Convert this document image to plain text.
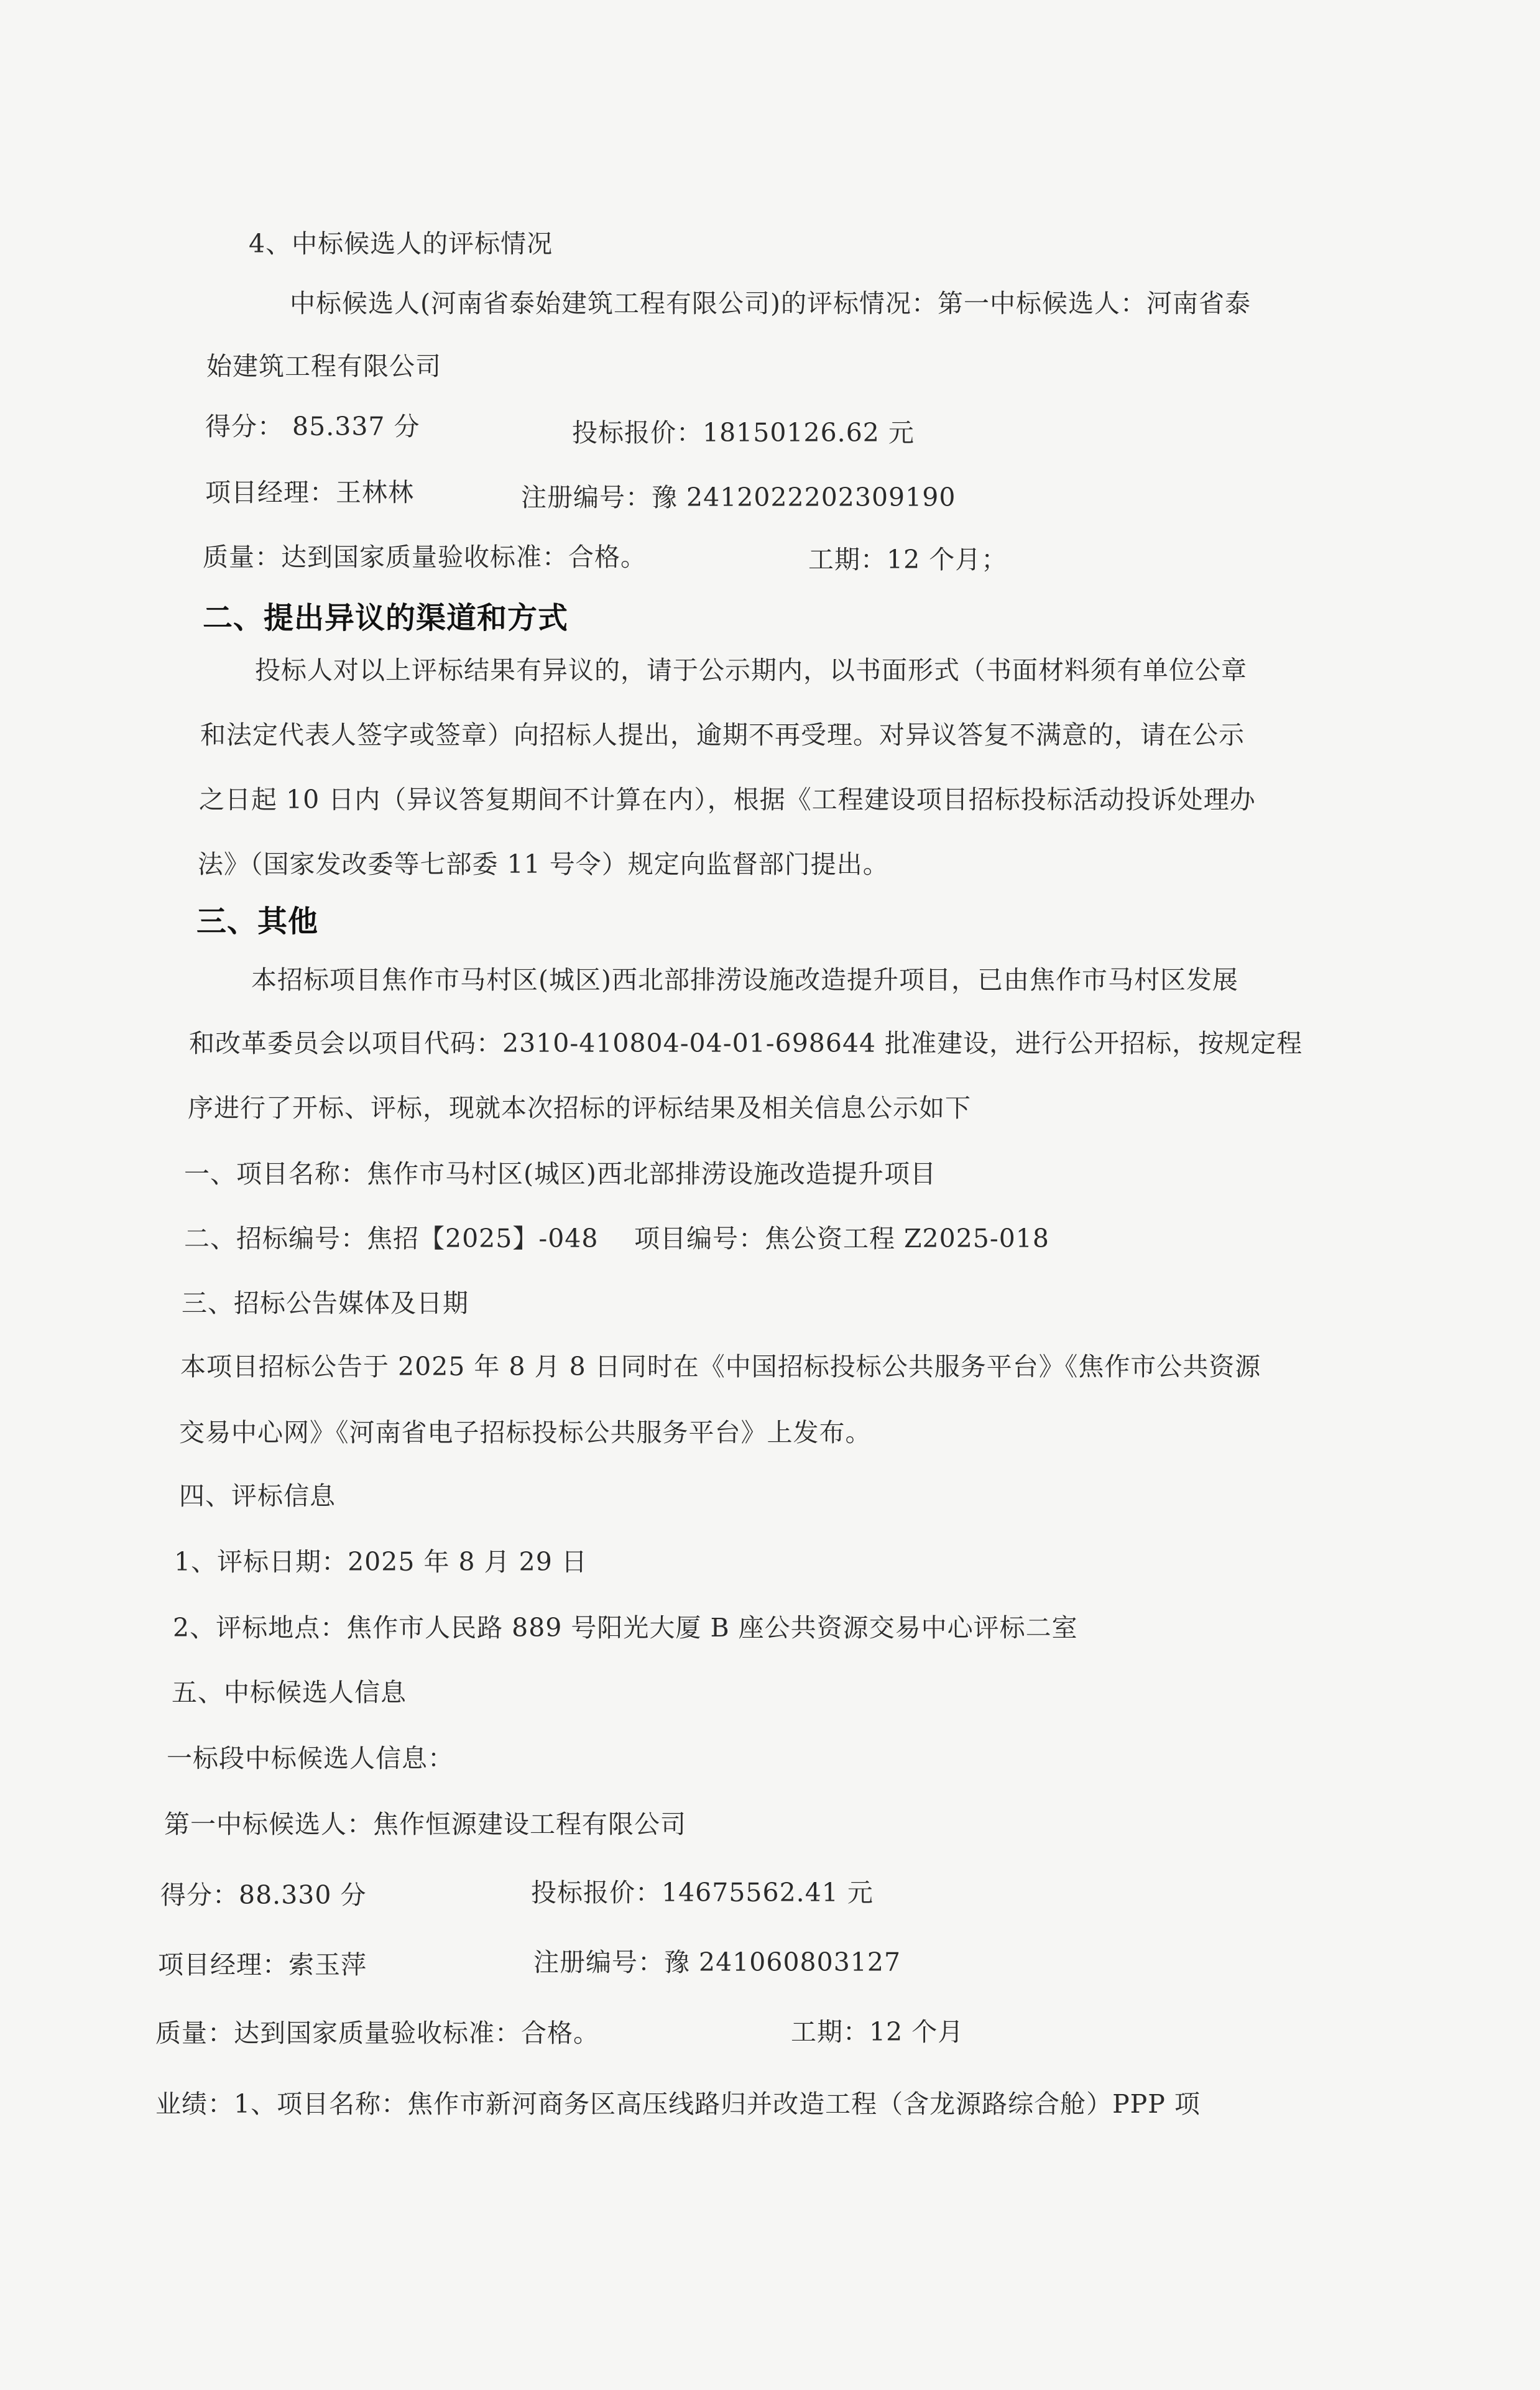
4、中标候选人的评标情况
中标候选人(河南省泰始建筑工程有限公司)的评标情况：第一中标候选人：河南省泰
始建筑工程有限公司
得分： 85.337 分	投标报价：18150126.62 元
项目经理：王林林	注册编号：豫 2412022202309190
质量：达到国家质量验收标准：合格。	工期：12 个月；
二、提出异议的渠道和方式
投标人对以上评标结果有异议的，请于公示期内，以书面形式（书面材料须有单位公章
和法定代表人签字或签章）向招标人提出，逾期不再受理。对异议答复不满意的，请在公示
之日起 10 日内（异议答复期间不计算在内），根据《工程建设项目招标投标活动投诉处理办
法》（国家发改委等七部委 11 号令）规定向监督部门提出。
三、其他
本招标项目焦作市马村区(城区)西北部排涝设施改造提升项目，已由焦作市马村区发展
和改革委员会以项目代码：2310-410804-04-01-698644 批准建设，进行公开招标，按规定程
序进行了开标、评标，现就本次招标的评标结果及相关信息公示如下
一、项目名称：焦作市马村区(城区)西北部排涝设施改造提升项目
二、招标编号：焦招【2025】-048 项目编号：焦公资工程 Z2025-018
三、招标公告媒体及日期
本项目招标公告于 2025 年 8 月 8 日同时在《中国招标投标公共服务平台》《焦作市公共资源
交易中心网》《河南省电子招标投标公共服务平台》上发布。
四、评标信息
1、评标日期：2025 年 8 月 29 日
2、评标地点：焦作市人民路 889 号阳光大厦 B 座公共资源交易中心评标二室
五、中标候选人信息
一标段中标候选人信息：
第一中标候选人：焦作恒源建设工程有限公司
得分：88.330 分	投标报价：14675562.41 元
项目经理：索玉萍	注册编号：豫 241060803127
质量：达到国家质量验收标准：合格。	工期：12 个月
业绩：1、项目名称：焦作市新河商务区高压线路归并改造工程（含龙源路综合舱）PPP 项
